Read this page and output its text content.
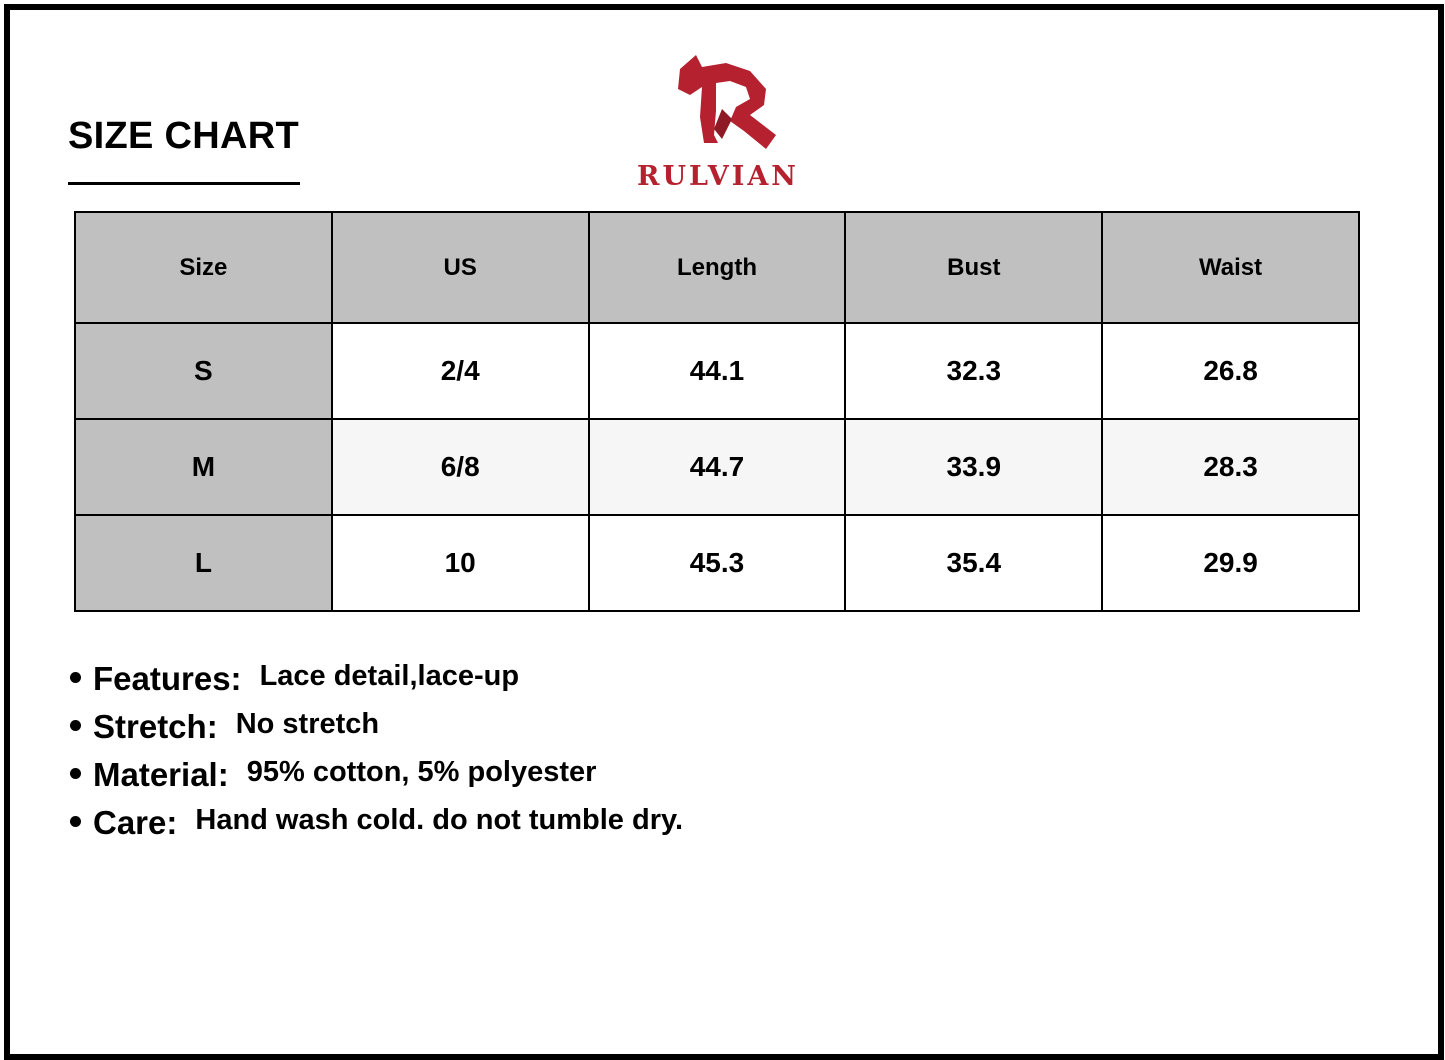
SIZE CHART
RULVIAN
Size	US	Length	Bust	Waist
S	2/4	44.1	32.3	26.8
M	6/8	44.7	33.9	28.3
L	10	45.3	35.4	29.9
Features: Lace detail,lace-up
Stretch: No stretch
Material: 95% cotton, 5% polyester
Care: Hand wash cold. do not tumble dry.
